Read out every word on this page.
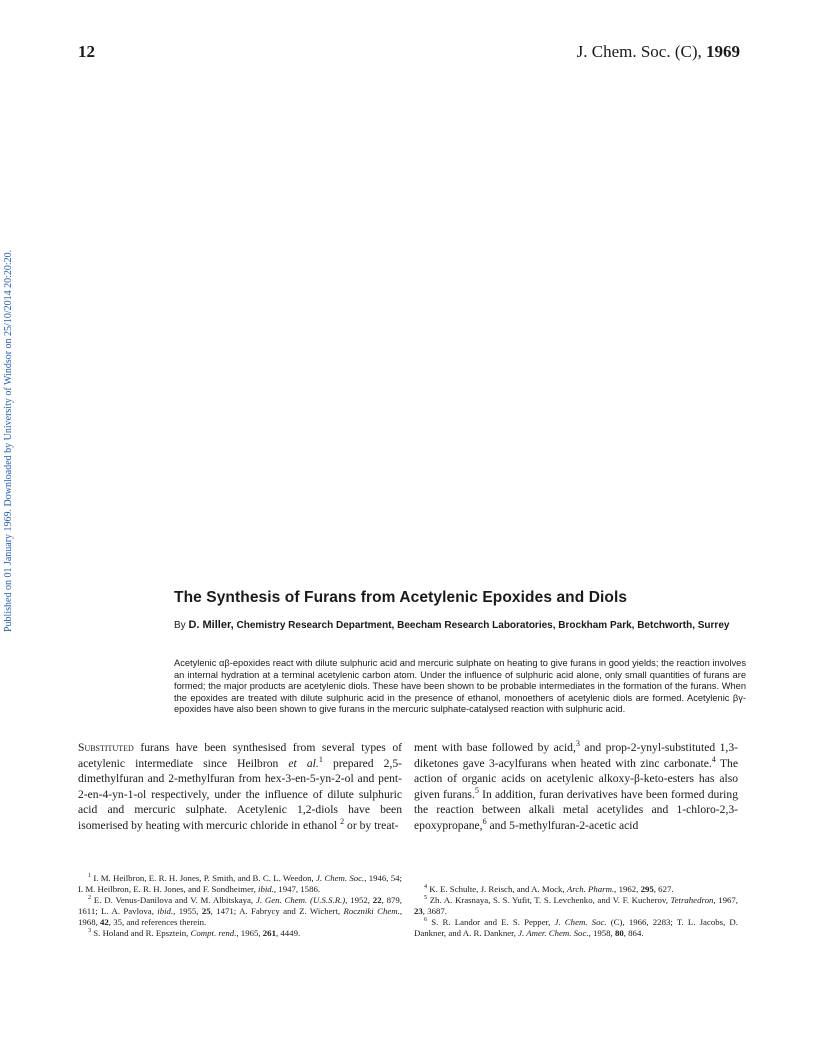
12	J. Chem. Soc. (C), 1969
Published on 01 January 1969. Downloaded by University of Windsor on 25/10/2014 20:20:20.
The Synthesis of Furans from Acetylenic Epoxides and Diols
By D. Miller, Chemistry Research Department, Beecham Research Laboratories, Brockham Park, Betchworth, Surrey
Acetylenic αβ-epoxides react with dilute sulphuric acid and mercuric sulphate on heating to give furans in good yields; the reaction involves an internal hydration at a terminal acetylenic carbon atom. Under the influence of sulphuric acid alone, only small quantities of furans are formed; the major products are acetylenic diols. These have been shown to be probable intermediates in the formation of the furans. When the epoxides are treated with dilute sulphuric acid in the presence of ethanol, monoethers of acetylenic diols are formed. Acetylenic βγ-epoxides have also been shown to give furans in the mercuric sulphate-catalysed reaction with sulphuric acid.

Substituted furans have been synthesised from several types of acetylenic intermediate since Heilbron et al.$^1$ prepared 2,5-dimethylfuran and 2-methylfuran from hex-3-en-5-yn-2-ol and pent-2-en-4-yn-1-ol respectively, under the influence of dilute sulphuric acid and mercuric sulphate. Acetylenic 1,2-diols have been isomerised by heating with mercuric chloride in ethanol $^2$ or by treat-

ment with base followed by acid,$^3$ and prop-2-ynyl-substituted 1,3-diketones gave 3-acylfurans when heated with zinc carbonate.$^4$ The action of organic acids on acetylenic alkoxy-β-keto-esters has also given furans.$^5$ In addition, furan derivatives have been formed during the reaction between alkali metal acetylides and 1-chloro-2,3-epoxypropane,$^6$ and 5-methylfuran-2-acetic acid

$^1$ I. M. Heilbron, E. R. H. Jones, P. Smith, and B. C. L. Weedon, J. Chem. Soc., 1946, 54; I. M. Heilbron, E. R. H. Jones, and F. Sondheimer, ibid., 1947, 1586.

$^2$ E. D. Venus-Danilova and V. M. Albitskaya, J. Gen. Chem. (U.S.S.R.), 1952, 22, 879, 1611; L. A. Pavlova, ibid., 1955, 25, 1471; A. Fabrycy and Z. Wichert, Roczniki Chem., 1968, 42, 35, and references therein.

$^3$ S. Holand and R. Epsztein, Compt. rend., 1965, 261, 4449.

$^4$ K. E. Schulte, J. Reisch, and A. Mock, Arch. Pharm., 1962, 295, 627.

$^5$ Zh. A. Krasnaya, S. S. Yufit, T. S. Levchenko, and V. F. Kucherov, Tetrahedron, 1967, 23, 3687.

$^6$ S. R. Landor and E. S. Pepper, J. Chem. Soc. (C), 1966, 2283; T. L. Jacobs, D. Dankner, and A. R. Dankner, J. Amer. Chem. Soc., 1958, 80, 864.
